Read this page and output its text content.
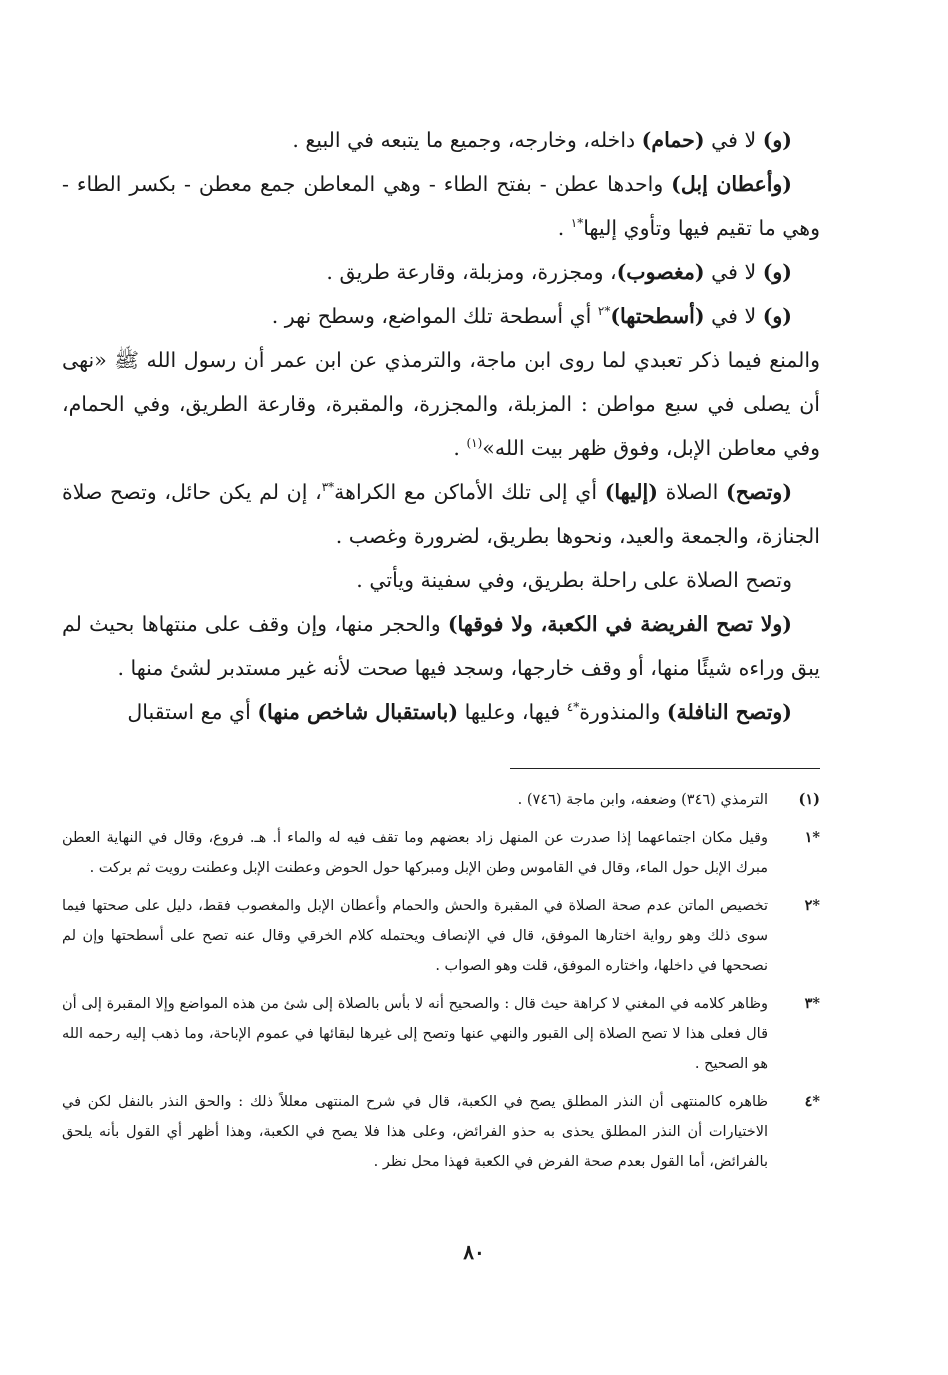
(و) لا في (حمام) داخله، وخارجه، وجميع ما يتبعه في البيع .

(وأعطان إبل) واحدها عطن - بفتح الطاء - وهي المعاطن جمع معطن - بكسر الطاء - وهي ما تقيم فيها وتأوي إليها$^{*١}$ .

(و) لا في (مغصوب)، ومجزرة، ومزبلة، وقارعة طريق .

(و) لا في (أسطحتها)$^{*٢}$ أي أسطحة تلك المواضع، وسطح نهر .

والمنع فيما ذكر تعبدي لما روى ابن ماجة، والترمذي عن ابن عمر أن رسول الله ﷺ «نهى أن يصلى في سبع مواطن : المزبلة، والمجزرة، والمقبرة، وقارعة الطريق، وفي الحمام، وفي معاطن الإبل، وفوق ظهر بيت الله»$^{(١)}$ .

(وتصح) الصلاة (إليها) أي إلى تلك الأماكن مع الكراهة$^{*٣}$، إن لم يكن حائل، وتصح صلاة الجنازة، والجمعة والعيد، ونحوها بطريق، لضرورة وغصب .

وتصح الصلاة على راحلة بطريق، وفي سفينة ويأتي .

(ولا تصح الفريضة في الكعبة، ولا فوقها) والحجر منها، وإن وقف على منتهاها بحيث لم يبق وراءه شيئًا منها، أو وقف خارجها، وسجد فيها صحت لأنه غير مستدبر لشئ منها .

(وتصح النافلة) والمنذورة$^{*٤}$ فيها، وعليها (باستقبال شاخص منها) أي مع استقبال

(١)
الترمذي (٣٤٦) وضعفه، وابن ماجة (٧٤٦) .
*١
وقيل مكان اجتماعهما إذا صدرت عن المنهل زاد بعضهم وما تقف فيه له والماء أ. هـ. فروع، وقال في النهاية العطن مبرك الإبل حول الماء، وقال في القاموس وطن الإبل ومبركها حول الحوض وعطنت الإبل وعطنت رويت ثم بركت .
*٢
تخصيص الماتن عدم صحة الصلاة في المقبرة والحش والحمام وأعطان الإبل والمغصوب فقط، دليل على صحتها فيما سوى ذلك وهو رواية اختارها الموفق، قال في الإنصاف ويحتمله كلام الخرقي وقال عنه تصح على أسطحتها وإن لم نصححها في داخلها، واختاره الموفق، قلت وهو الصواب .
*٣
وظاهر كلامه في المغني لا كراهة حيث قال : والصحيح أنه لا بأس بالصلاة إلى شئ من هذه المواضع وإلا المقبرة إلى أن قال فعلى هذا لا تصح الصلاة إلى القبور والنهي عنها وتصح إلى غيرها لبقائها في عموم الإباحة، وما ذهب إليه رحمه الله هو الصحيح .
*٤
ظاهره كالمنتهى أن النذر المطلق يصح في الكعبة، قال في شرح المنتهى معللاً ذلك : والحق النذر بالنفل لكن في الاختيارات أن النذر المطلق يحذى به حذو الفرائض، وعلى هذا فلا يصح في الكعبة، وهذا أظهر أي القول بأنه يلحق بالفرائض، أما القول بعدم صحة الفرض في الكعبة فهذا محل نظر .
٨٠
